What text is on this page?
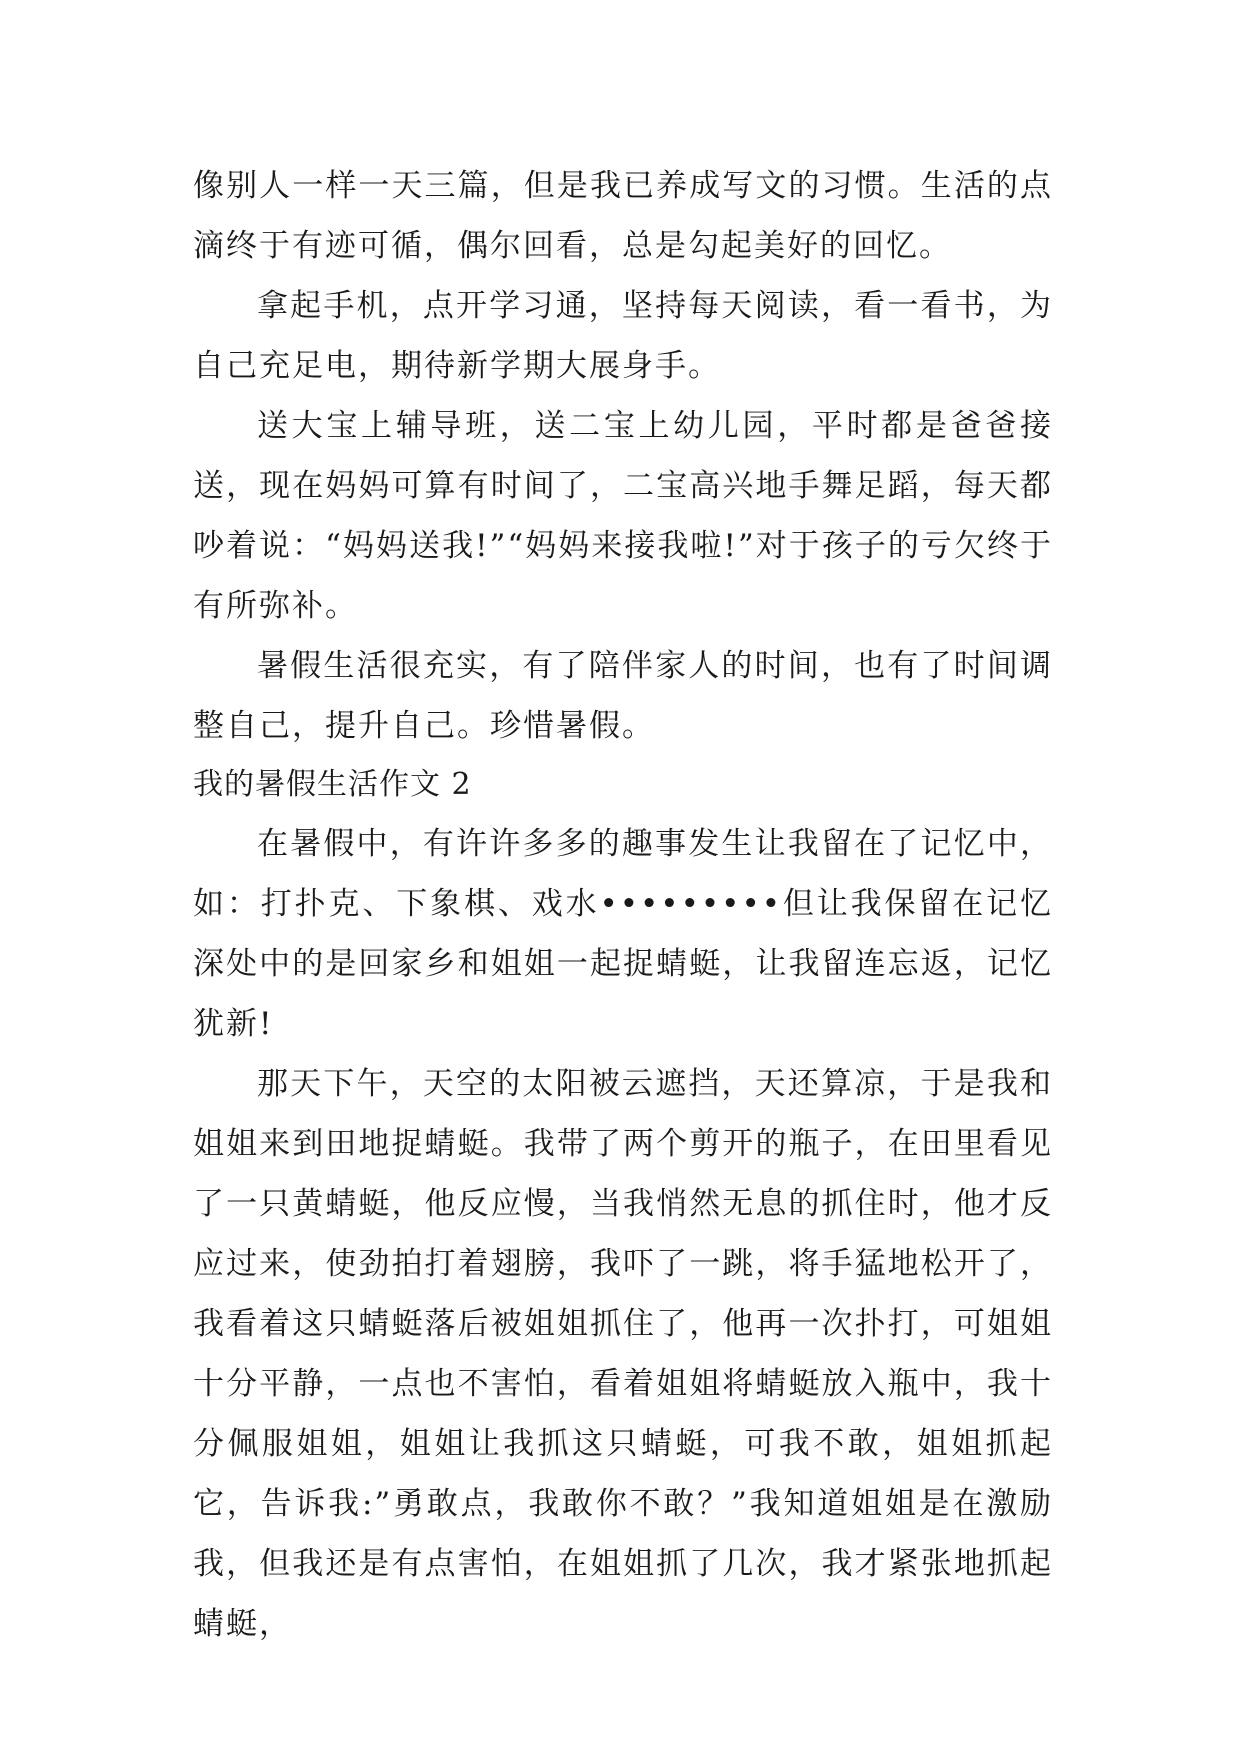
像别人一样一天三篇，但是我已养成写文的习惯。生活的点滴终于有迹可循，偶尔回看，总是勾起美好的回忆。

拿起手机，点开学习通，坚持每天阅读，看一看书，为自己充足电，期待新学期大展身手。

送大宝上辅导班，送二宝上幼儿园，平时都是爸爸接送，现在妈妈可算有时间了，二宝高兴地手舞足蹈，每天都吵着说：“妈妈送我!”“妈妈来接我啦!”对于孩子的亏欠终于有所弥补。

暑假生活很充实，有了陪伴家人的时间，也有了时间调整自己，提升自己。珍惜暑假。

我的暑假生活作文 2

在暑假中，有许许多多的趣事发生让我留在了记忆中，如：打扑克、下象棋、戏水•••••••••但让我保留在记忆深处中的是回家乡和姐姐一起捉蜻蜓，让我留连忘返，记忆犹新!

那天下午，天空的太阳被云遮挡，天还算凉，于是我和姐姐来到田地捉蜻蜓。我带了两个剪开的瓶子，在田里看见了一只黄蜻蜓，他反应慢，当我悄然无息的抓住时，他才反应过来，使劲拍打着翅膀，我吓了一跳，将手猛地松开了，我看着这只蜻蜓落后被姐姐抓住了，他再一次扑打，可姐姐十分平静，一点也不害怕，看着姐姐将蜻蜓放入瓶中，我十分佩服姐姐，姐姐让我抓这只蜻蜓，可我不敢，姐姐抓起它，告诉我:”勇敢点，我敢你不敢？”我知道姐姐是在激励我，但我还是有点害怕，在姐姐抓了几次，我才紧张地抓起蜻蜓，
